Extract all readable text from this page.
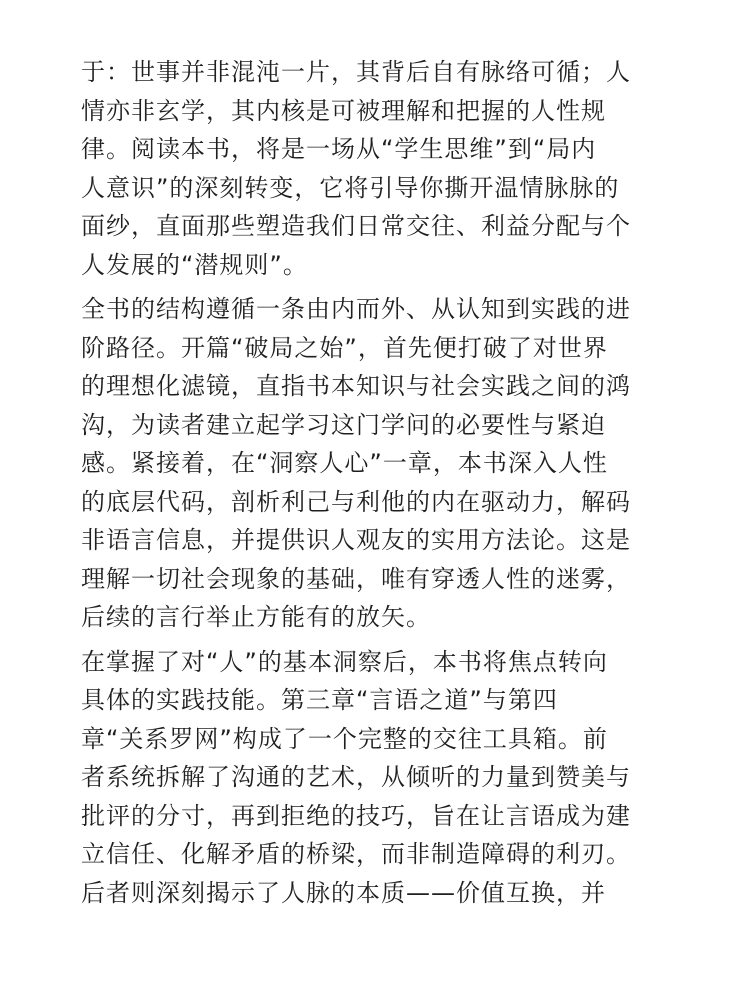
于：世事并非混沌一片，其背后自有脉络可循；人
情亦非玄学，其内核是可被理解和把握的人性规
律。阅读本书，将是一场从“学生思维”到“局内
人意识”的深刻转变，它将引导你撕开温情脉脉的
面纱，直面那些塑造我们日常交往、利益分配与个
人发展的“潜规则”。
全书的结构遵循一条由内而外、从认知到实践的进
阶路径。开篇“破局之始”，首先便打破了对世界
的理想化滤镜，直指书本知识与社会实践之间的鸿
沟，为读者建立起学习这门学问的必要性与紧迫
感。紧接着，在“洞察人心”一章，本书深入人性
的底层代码，剖析利己与利他的内在驱动力，解码
非语言信息，并提供识人观友的实用方法论。这是
理解一切社会现象的基础，唯有穿透人性的迷雾，
后续的言行举止方能有的放矢。
在掌握了对“人”的基本洞察后，本书将焦点转向
具体的实践技能。第三章“言语之道”与第四
章“关系罗网”构成了一个完整的交往工具箱。前
者系统拆解了沟通的艺术，从倾听的力量到赞美与
批评的分寸，再到拒绝的技巧，旨在让言语成为建
立信任、化解矛盾的桥梁，而非制造障碍的利刃。
后者则深刻揭示了人脉的本质——价值互换，并
